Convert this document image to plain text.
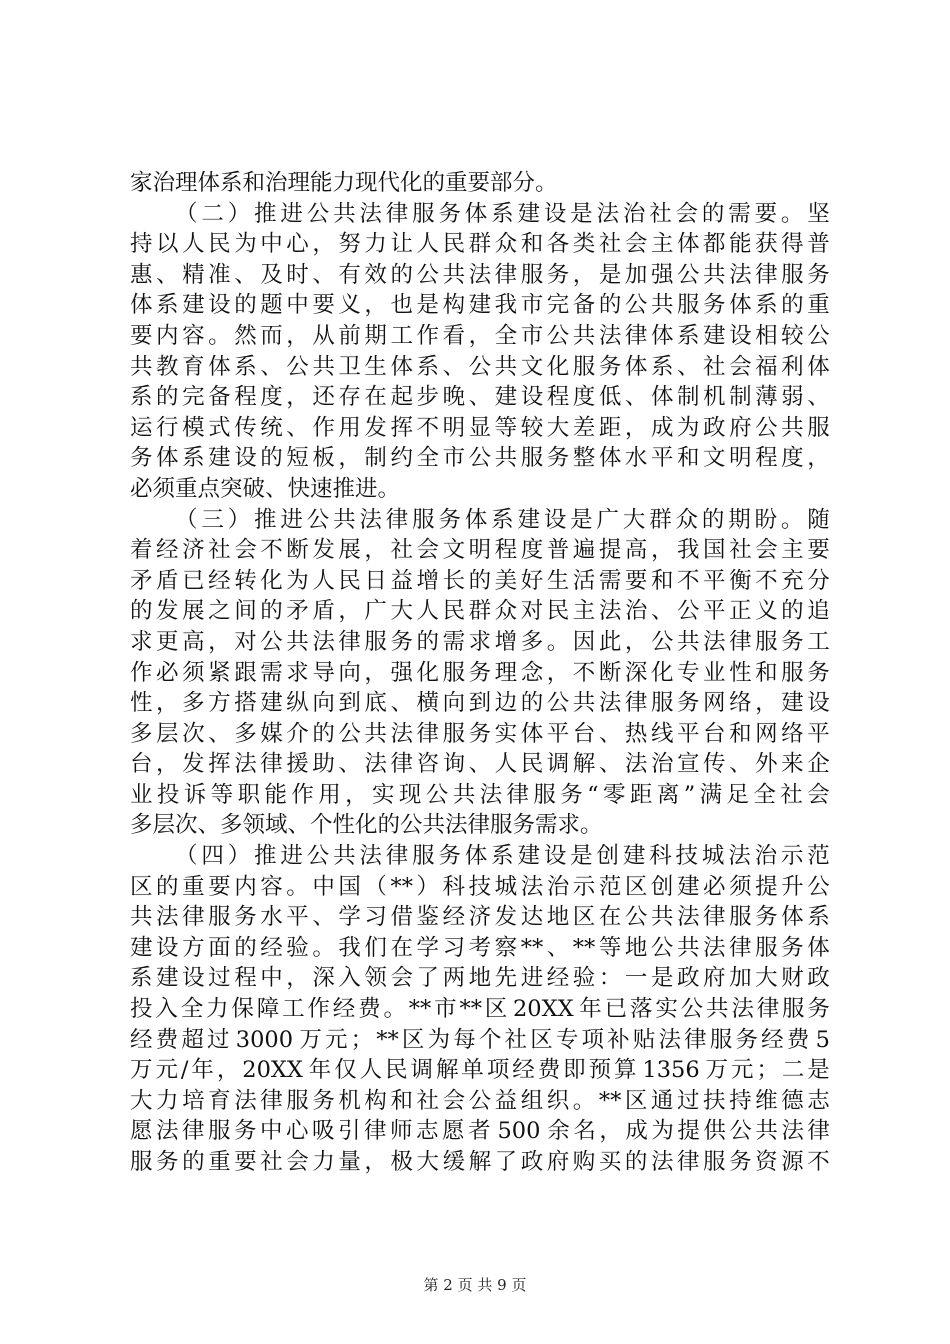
家治理体系和治理能力现代化的重要部分。
（ 二 ） 推 进 公 共 法 律 服 务 体 系 建 设 是 法 治 社 会 的 需 要 。 坚
持 以 人 民 为 中 心 ， 努 力 让 人 民 群 众 和 各 类 社 会 主 体 都 能 获 得 普
惠 、 精 准 、 及 时 、 有 效 的 公 共 法 律 服 务 ， 是 加 强 公 共 法 律 服 务
体 系 建 设 的 题 中 要 义 ， 也 是 构 建 我 市 完 备 的 公 共 服 务 体 系 的 重
要 内 容 。 然 而 ， 从 前 期 工 作 看 ， 全 市 公 共 法 律 体 系 建 设 相 较 公
共 教 育 体 系 、 公 共 卫 生 体 系 、 公 共 文 化 服 务 体 系 、 社 会 福 利 体
系 的 完 备 程 度 ， 还 存 在 起 步 晚 、 建 设 程 度 低 、 体 制 机 制 薄 弱 、
运 行 模 式 传 统 、 作 用 发 挥 不 明 显 等 较 大 差 距 ， 成 为 政 府 公 共 服
务 体 系 建 设 的 短 板 ， 制 约 全 市 公 共 服 务 整 体 水 平 和 文 明 程 度 ，
必须重点突破、快速推进。
（ 三 ） 推 进 公 共 法 律 服 务 体 系 建 设 是 广 大 群 众 的 期 盼 。 随
着 经 济 社 会 不 断 发 展 ， 社 会 文 明 程 度 普 遍 提 高 ， 我 国 社 会 主 要
矛 盾 已 经 转 化 为 人 民 日 益 增 长 的 美 好 生 活 需 要 和 不 平 衡 不 充 分
的 发 展 之 间 的 矛 盾 ， 广 大 人 民 群 众 对 民 主 法 治 、 公 平 正 义 的 追
求 更 高 ， 对 公 共 法 律 服 务 的 需 求 增 多 。 因 此 ， 公 共 法 律 服 务 工
作 必 须 紧 跟 需 求 导 向 ， 强 化 服 务 理 念 ， 不 断 深 化 专 业 性 和 服 务
性 ， 多 方 搭 建 纵 向 到 底 、 横 向 到 边 的 公 共 法 律 服 务 网 络 ， 建 设
多 层 次 、 多 媒 介 的 公 共 法 律 服 务 实 体 平 台 、 热 线 平 台 和 网 络 平
台 ， 发 挥 法 律 援 助 、 法 律 咨 询 、 人 民 调 解 、 法 治 宣 传 、 外 来 企
业 投 诉 等 职 能 作 用 ， 实 现 公 共 法 律 服 务 “ 零 距 离 ” 满 足 全 社 会
多层次、多领域、个性化的公共法律服务需求。
（ 四 ） 推 进 公 共 法 律 服 务 体 系 建 设 是 创 建 科 技 城 法 治 示 范
区 的 重 要 内 容 。 中 国 （ ** ） 科 技 城 法 治 示 范 区 创 建 必 须 提 升 公
共 法 律 服 务 水 平 、 学 习 借 鉴 经 济 发 达 地 区 在 公 共 法 律 服 务 体 系
建 设 方 面 的 经 验 。 我 们 在 学 习 考 察 ** 、 ** 等 地 公 共 法 律 服 务 体
系 建 设 过 程 中 ， 深 入 领 会 了 两 地 先 进 经 验 ： 一 是 政 府 加 大 财 政
投 入 全 力 保 障 工 作 经 费 。 ** 市 ** 区 20XX 年 已 落 实 公 共 法 律 服 务
经 费 超 过 3000 万 元 ； ** 区 为 每 个 社 区 专 项 补 贴 法 律 服 务 经 费 5
万 元 / 年 ， 20XX 年 仅 人 民 调 解 单 项 经 费 即 预 算 1356 万 元 ； 二 是
大 力 培 育 法 律 服 务 机 构 和 社 会 公 益 组 织 。 ** 区 通 过 扶 持 维 德 志
愿 法 律 服 务 中 心 吸 引 律 师 志 愿 者 500 余 名 ， 成 为 提 供 公 共 法 律
服 务 的 重 要 社 会 力 量 ， 极 大 缓 解 了 政 府 购 买 的 法 律 服 务 资 源 不
第 2 页 共 9 页
